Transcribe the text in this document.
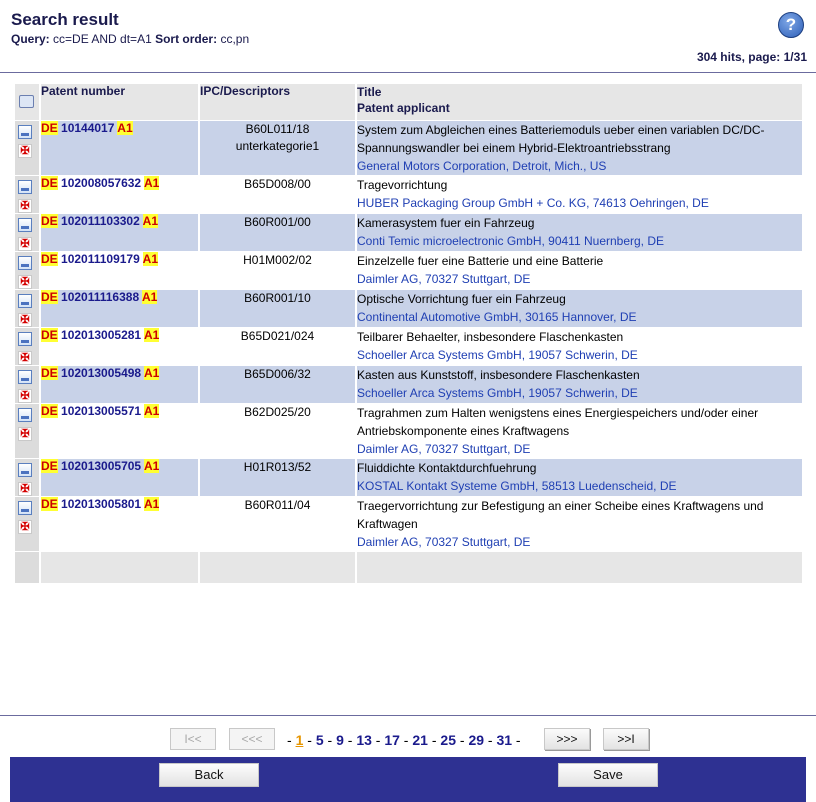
Search result
Query: cc=DE AND dt=A1 Sort order: cc,pn
?
304 hits, page: 1/31
	Patent number	IPC/Descriptors	Title
Patent applicant

✠	DE 10144017 A1	B60L011/18
unterkategorie1	System zum Abgleichen eines Batteriemoduls ueber einen variablen DC/DC-Spannungswandler bei einem Hybrid-Elektroantriebsstrang
General Motors Corporation, Detroit, Mich., US

✠	DE 102008057632 A1	B65D008/00	Tragevorrichtung
HUBER Packaging Group GmbH + Co. KG, 74613 Oehringen, DE

✠	DE 102011103302 A1	B60R001/00	Kamerasystem fuer ein Fahrzeug
Conti Temic microelectronic GmbH, 90411 Nuernberg, DE

✠	DE 102011109179 A1	H01M002/02	Einzelzelle fuer eine Batterie und eine Batterie
Daimler AG, 70327 Stuttgart, DE

✠	DE 102011116388 A1	B60R001/10	Optische Vorrichtung fuer ein Fahrzeug
Continental Automotive GmbH, 30165 Hannover, DE

✠	DE 102013005281 A1	B65D021/024	Teilbarer Behaelter, insbesondere Flaschenkasten
Schoeller Arca Systems GmbH, 19057 Schwerin, DE

✠	DE 102013005498 A1	B65D006/32	Kasten aus Kunststoff, insbesondere Flaschenkasten
Schoeller Arca Systems GmbH, 19057 Schwerin, DE

✠	DE 102013005571 A1	B62D025/20	Tragrahmen zum Halten wenigstens eines Energiespeichers und/oder einer Antriebskomponente eines Kraftwagens
Daimler AG, 70327 Stuttgart, DE

✠	DE 102013005705 A1	H01R013/52	Fluiddichte Kontaktdurchfuehrung
KOSTAL Kontakt Systeme GmbH, 58513 Luedenscheid, DE

✠	DE 102013005801 A1	B60R011/04	Traegervorrichtung zur Befestigung an einer Scheibe eines Kraftwagens und Kraftwagen
Daimler AG, 70327 Stuttgart, DE

I<<	<<<	- 1 - 5 - 9 - 13 - 17 - 21 - 25 - 29 - 31 -	>>>	>>I
Back	Save
